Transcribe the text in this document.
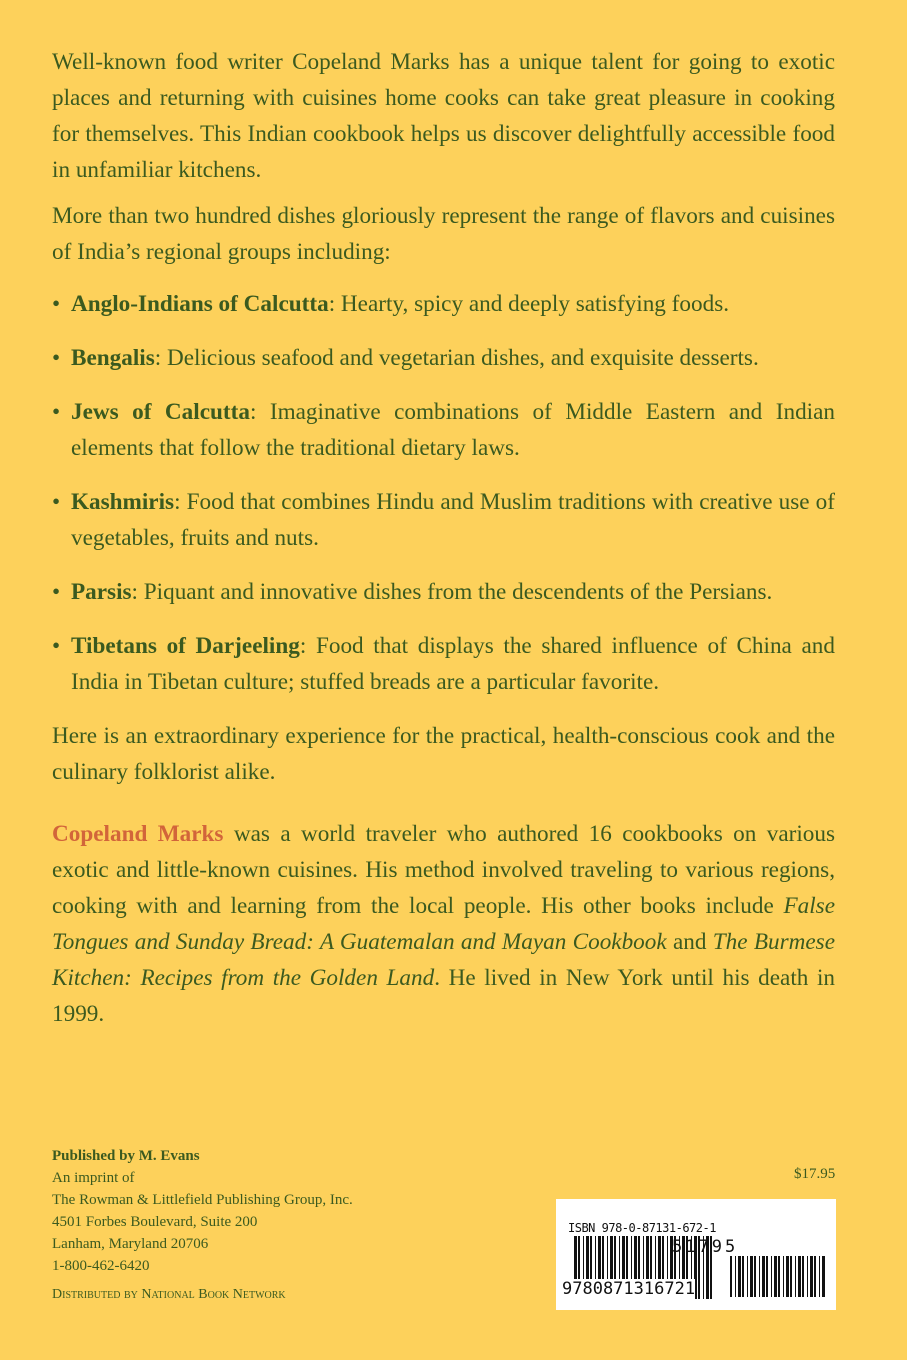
Well-known food writer Copeland Marks has a unique talent for going to exotic places and returning with cuisines home cooks can take great pleasure in cooking for themselves. This Indian cookbook helps us discover delightfully accessible food in unfamiliar kitchens.

More than two hundred dishes gloriously represent the range of flavors and cuisines of India’s regional groups including:

• Anglo-Indians of Calcutta: Hearty, spicy and deeply satisfying foods.

• Bengalis: Delicious seafood and vegetarian dishes, and exquisite desserts.

• Jews of Calcutta: Imaginative combinations of Middle Eastern and Indian elements that follow the traditional dietary laws.

• Kashmiris: Food that combines Hindu and Muslim traditions with creative use of vegetables, fruits and nuts.

• Parsis: Piquant and innovative dishes from the descendents of the Persians.

• Tibetans of Darjeeling: Food that displays the shared influence of China and India in Tibetan culture; stuffed breads are a particular favorite.

Here is an extraordinary experience for the practical, health-conscious cook and the culinary folklorist alike.

Copeland Marks was a world traveler who authored 16 cookbooks on various exotic and little-known cuisines. His method involved traveling to various regions, cooking with and learning from the local people. His other books include False Tongues and Sunday Bread: A Guatemalan and Mayan Cookbook and The Burmese Kitchen: Recipes from the Golden Land. He lived in New York until his death in 1999.

Published by M. Evans
An imprint of
The Rowman & Littlefield Publishing Group, Inc.
4501 Forbes Boulevard, Suite 200
Lanham, Maryland 20706
1-800-462-6420
Distributed by National Book Network
$17.95
ISBN 978-0-87131-672-1
51795
9780871316721
